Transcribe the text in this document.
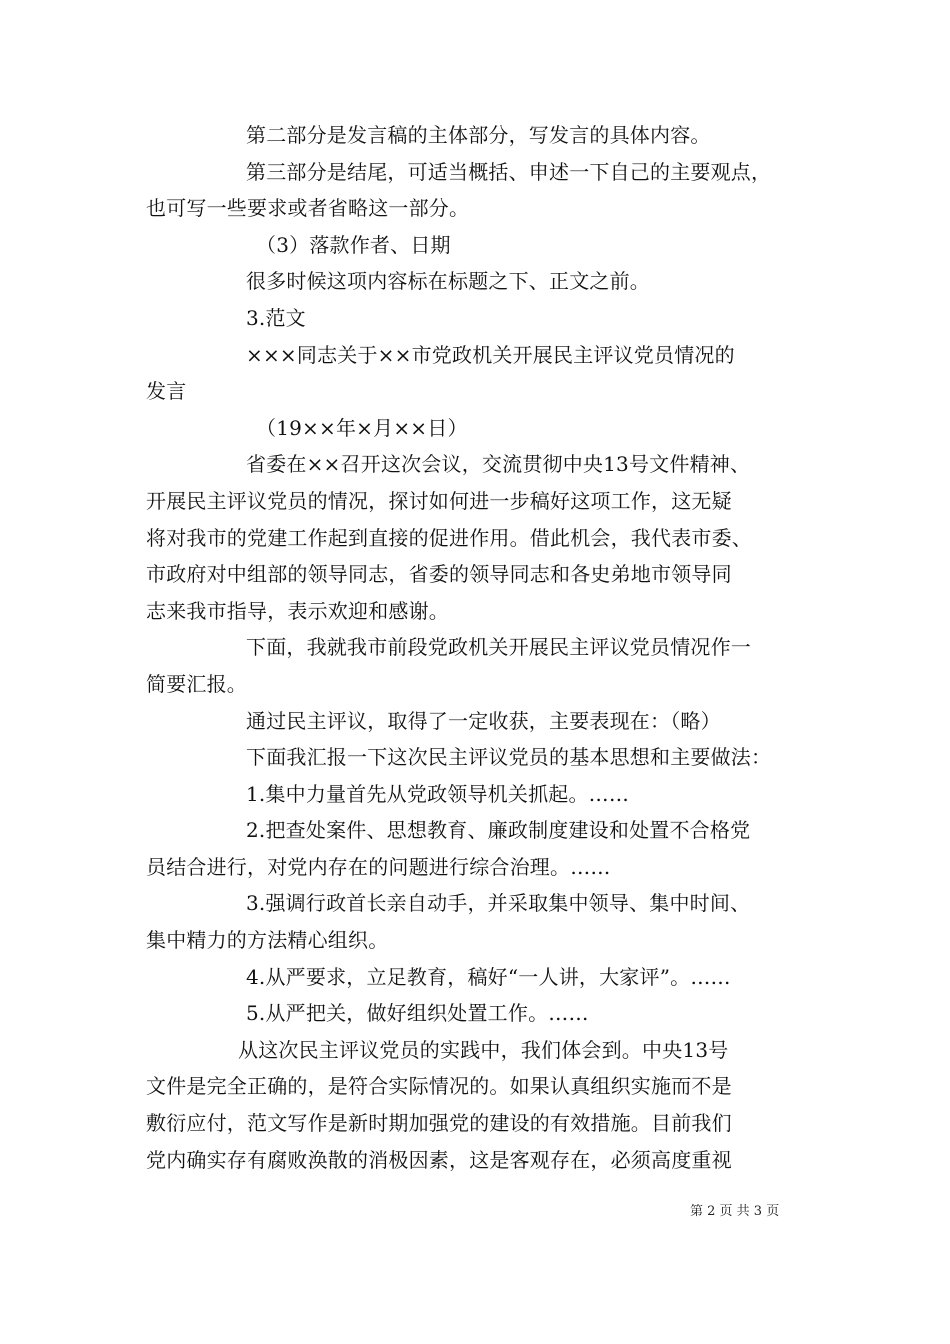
第二部分是发言稿的主体部分，写发言的具体内容。
第三部分是结尾，可适当概括、申述一下自己的主要观点，
也可写一些要求或者省略这一部分。
（3）落款作者、日期
很多时候这项内容标在标题之下、正文之前。
3.范文
×××同志关于××市党政机关开展民主评议党员情况的
发言
（19××年×月××日）
省委在××召开这次会议，交流贯彻中央13号文件精神、
开展民主评议党员的情况，探讨如何进一步稿好这项工作，这无疑
将对我市的党建工作起到直接的促进作用。借此机会，我代表市委、
市政府对中组部的领导同志，省委的领导同志和各史弟地市领导同
志来我市指导，表示欢迎和感谢。
下面，我就我市前段党政机关开展民主评议党员情况作一
简要汇报。
通过民主评议，取得了一定收获，主要表现在：（略）
下面我汇报一下这次民主评议党员的基本思想和主要做法：
1.集中力量首先从党政领导机关抓起。……
2.把查处案件、思想教育、廉政制度建设和处置不合格党
员结合进行，对党内存在的问题进行综合治理。……
3.强调行政首长亲自动手，并采取集中领导、集中时间、
集中精力的方法精心组织。
4.从严要求，立足教育，稿好“一人讲，大家评”。……
5.从严把关，做好组织处置工作。……
从这次民主评议党员的实践中，我们体会到。中央13号
文件是完全正确的，是符合实际情况的。如果认真组织实施而不是
敷衍应付，范文写作是新时期加强党的建设的有效措施。目前我们
党内确实存有腐败涣散的消极因素，这是客观存在，必须高度重视
第 2 页 共 3 页
